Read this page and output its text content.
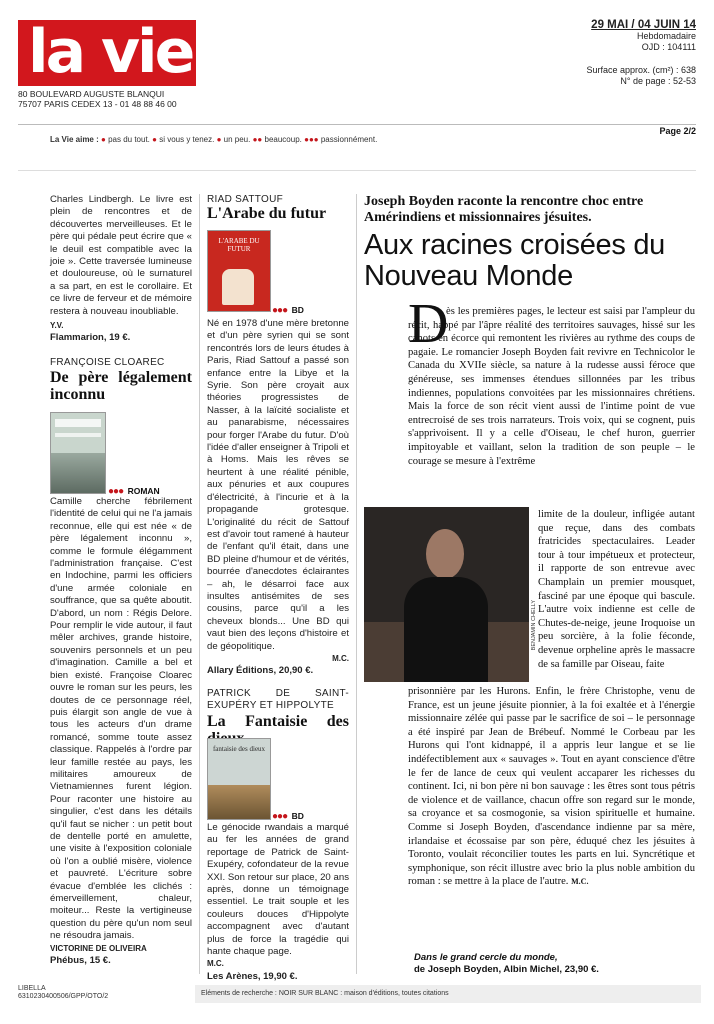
la vie
80 BOULEVARD AUGUSTE BLANQUI
75707 PARIS CEDEX 13 - 01 48 88 46 00
29 MAI / 04 JUIN 14
Hebdomadaire
OJD : 104111
Surface approx. (cm²) : 638
N° de page : 52-53
Page 2/2
La Vie aime : ● pas du tout. ● si vous y tenez. ● un peu. ●● beaucoup. ●●● passionnément.

Charles Lindbergh. Le livre est plein de rencontres et de découvertes merveilleuses. Et le père qui pédale peut écrire que « le deuil est compatible avec la joie ». Cette traversée lumineuse et douloureuse, où le surnaturel a sa part, en est le corollaire. Et ce livre de ferveur et de mémoire restera à nouveau inoubliable.

Y.V.
Flammarion, 19 €.
FRANÇOISE CLOAREC
De père légalement inconnu
●●● ROMAN

Camille cherche fébrilement l'identité de celui qui ne l'a jamais reconnue, elle qui est née « de père légalement inconnu », comme le formule élégamment l'administration française. C'est en Indochine, parmi les officiers d'une armée coloniale en souffrance, que sa quête aboutit. D'abord, un nom : Régis Delore. Pour remplir le vide autour, il faut mêler archives, grande histoire, souvenirs personnels et un peu d'imagination. Camille a bel et bien existé. Françoise Cloarec ouvre le roman sur les peurs, les doutes de ce personnage réel, puis élargit son angle de vue à tous les acteurs d'un drame romancé, somme toute assez classique. Rappelés à l'ordre par leur famille restée au pays, les militaires amoureux de Vietnamiennes furent légion. Pour raconter une histoire au singulier, c'est dans les détails qu'il faut se nicher : un petit bout de dentelle porté en amulette, une visite à l'exposition coloniale où l'on a oublié misère, violence et pauvreté. L'écriture sobre évacue d'emblée les clichés : émerveillement, chaleur, moiteur... Reste la vertigineuse question du père qu'un nom seul ne résoudra jamais.

VICTORINE DE OLIVEIRA
Phébus, 15 €.
RIAD SATTOUF
L'Arabe du futur
L'ARABE DU FUTUR
●●● BD

Né en 1978 d'une mère bretonne et d'un père syrien qui se sont rencontrés lors de leurs études à Paris, Riad Sattouf a passé son enfance entre la Libye et la Syrie. Son père croyait aux théories progressistes de Nasser, à la laïcité socialiste et au panarabisme, nécessaires pour forger l'Arabe du futur. D'où l'idée d'aller enseigner à Tripoli et à Homs. Mais les rêves se heurtent à une réalité pénible, aux pénuries et aux coupures d'électricité, à l'incurie et à la propagande grotesque. L'originalité du récit de Sattouf est d'avoir tout ramené à hauteur de l'enfant qu'il était, dans une BD pleine d'humour et de vérités, bourrée d'anecdotes éclairantes – ah, le désarroi face aux insultes antisémites de ses cousins, parce qu'il a les cheveux blonds... Une BD qui vaut bien des leçons d'histoire et de géopolitique.

M.C.
Allary Éditions, 20,90 €.
PATRICK DE SAINT-EXUPÉRY ET HIPPOLYTE
La Fantaisie des
fantaisie des dieux
●●● BD

Le génocide rwandais a marqué au fer les années de grand reportage de Patrick de Saint-Exupéry, cofondateur de la revue XXI. Son retour sur place, 20 ans après, donne un témoignage essentiel. Le trait souple et les couleurs douces d'Hippolyte accompagnent avec d'autant plus de force la tragédie qui hante chaque page.

M.C.
Les Arènes, 19,90 €.
Joseph Boyden raconte la rencontre choc entre Amérindiens et missionnaires jésuites.
Aux racines croisées du Nouveau Monde
D
ès les premières pages, le lecteur est saisi par l'ampleur du récit, happé par l'âpre réalité des territoires sauvages, hissé sur les canots en écorce qui remontent les rivières au rythme des coups de pagaie. Le romancier Joseph Boyden fait revivre en Technicolor le Canada du XVIIe siècle, sa nature à la rudesse aussi féroce que généreuse, ses immenses étendues sillonnées par les tribus indiennes, populations convoitées par les missionnaires chrétiens. Mais la force de son récit vient aussi de l'intime point de vue entrecroisé de ses trois narrateurs. Trois voix, qui se cognent, puis s'apprivoisent. Il y a celle d'Oiseau, le chef huron, guerrier impitoyable et vaillant, selon la tradition de son peuple – le courage se mesure à l'extrême
BENJAMIN CHELLY
limite de la douleur, infligée autant que reçue, dans des combats fratricides spectaculaires. Leader tour à tour impétueux et protecteur, il rapporte de son entrevue avec Champlain un premier mousquet, fasciné par une époque qui bascule. L'autre voix indienne est celle de Chutes-de-neige, jeune Iroquoise un peu sorcière, à la folie féconde, devenue orpheline après le massacre de sa famille par Oiseau, faite
prisonnière par les Hurons. Enfin, le frère Christophe, venu de France, est un jeune jésuite pionnier, à la foi exaltée et à l'énergie missionnaire zélée qui passe par le sacrifice de soi – le personnage a été inspiré par Jean de Brébeuf. Nommé le Corbeau par les Hurons qui l'ont kidnappé, il a appris leur langue et se lie indéfectiblement aux « sauvages ». Tout en ayant conscience d'être le fer de lance de ceux qui veulent accaparer les richesses du continent. Ici, ni bon père ni bon sauvage : les êtres sont tous pétris de violence et de vaillance, chacun offre son regard sur le monde, sa croyance et sa cosmogonie, sa vision spirituelle et humaine. Comme si Joseph Boyden, d'ascendance indienne par sa mère, irlandaise et écossaise par son père, éduqué chez les jésuites à Toronto, voulait réconcilier toutes les parts en lui. Syncrétique et symphonique, son récit illustre avec brio la plus noble ambition du roman : se mettre à la place de l'autre. M.C.
Dans le grand cercle du monde,
de Joseph Boyden, Albin Michel, 23,90 €.
LIBELLA
6310230400506/GPP/OTO/2	Eléments de recherche : NOIR SUR BLANC : maison d'éditions, toutes citations
